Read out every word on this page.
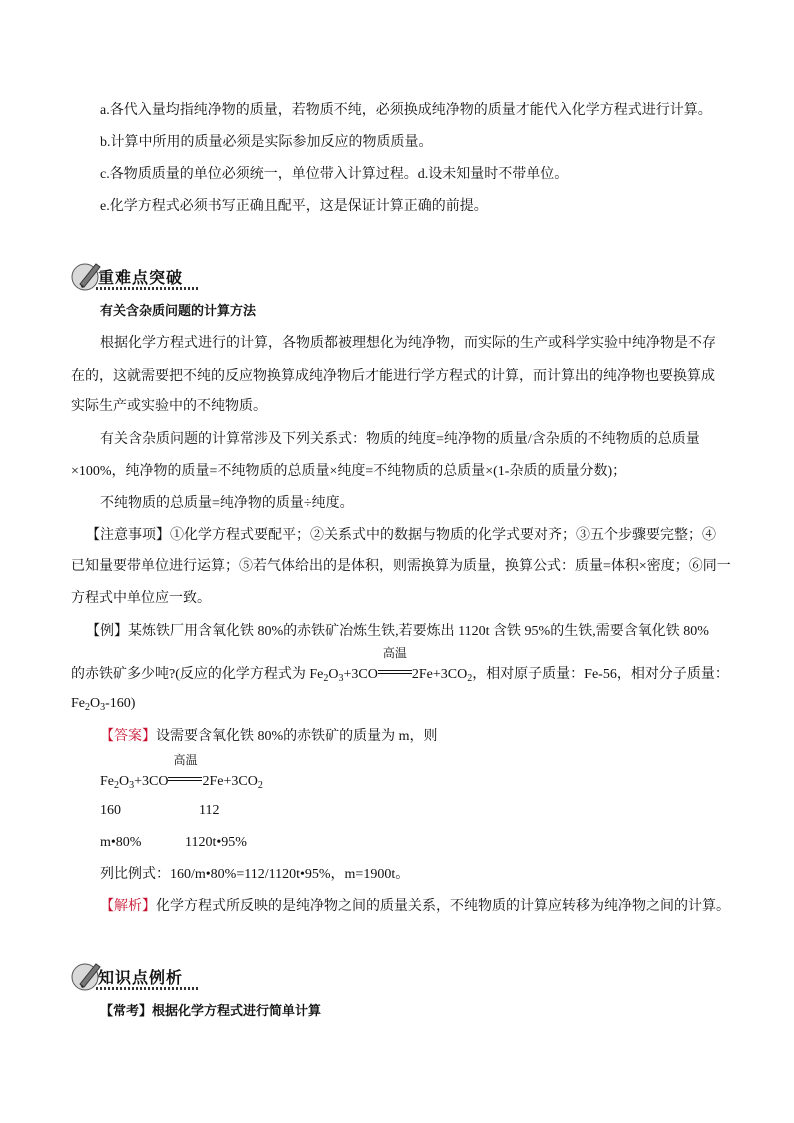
a.各代入量均指纯净物的质量，若物质不纯，必须换成纯净物的质量才能代入化学方程式进行计算。
b.计算中所用的质量必须是实际参加反应的物质质量。
c.各物质质量的单位必须统一，单位带入计算过程。d.设未知量时不带单位。
e.化学方程式必须书写正确且配平，这是保证计算正确的前提。
重难点突破
有关含杂质问题的计算方法
根据化学方程式进行的计算，各物质都被理想化为纯净物，而实际的生产或科学实验中纯净物是不存
在的，这就需要把不纯的反应物换算成纯净物后才能进行学方程式的计算，而计算出的纯净物也要换算成
实际生产或实验中的不纯物质。
有关含杂质问题的计算常涉及下列关系式：物质的纯度=纯净物的质量/含杂质的不纯物质的总质量
×100%，纯净物的质量=不纯物质的总质量×纯度=不纯物质的总质量×(1-杂质的质量分数)；
不纯物质的总质量=纯净物的质量÷纯度。
【注意事项】①化学方程式要配平；②关系式中的数据与物质的化学式要对齐；③五个步骤要完整；④
已知量要带单位进行运算；⑤若气体给出的是体积，则需换算为质量，换算公式：质量=体积×密度；⑥同一
方程式中单位应一致。
【例】某炼铁厂用含氧化铁 80%的赤铁矿冶炼生铁,若要炼出 1120t 含铁 95%的生铁,需要含氧化铁 80%
的赤铁矿多少吨?(反应的化学方程式为 $Fe_2O_3+3CO$
高温
$2Fe+3CO_2$，相对原子质量：Fe-56，相对分子质量：
$Fe_2O_3-160$)
【答案】设需要含氧化铁 80%的赤铁矿的质量为 m，则
$Fe_2O_3+3CO$
高温
$2Fe+3CO_2$
160	112
m•80%	1120t•95%
列比例式：160/m•80%=112/1120t•95%，m=1900t。
【解析】化学方程式所反映的是纯净物之间的质量关系，不纯物质的计算应转移为纯净物之间的计算。
知识点例析
【常考】根据化学方程式进行简单计算
